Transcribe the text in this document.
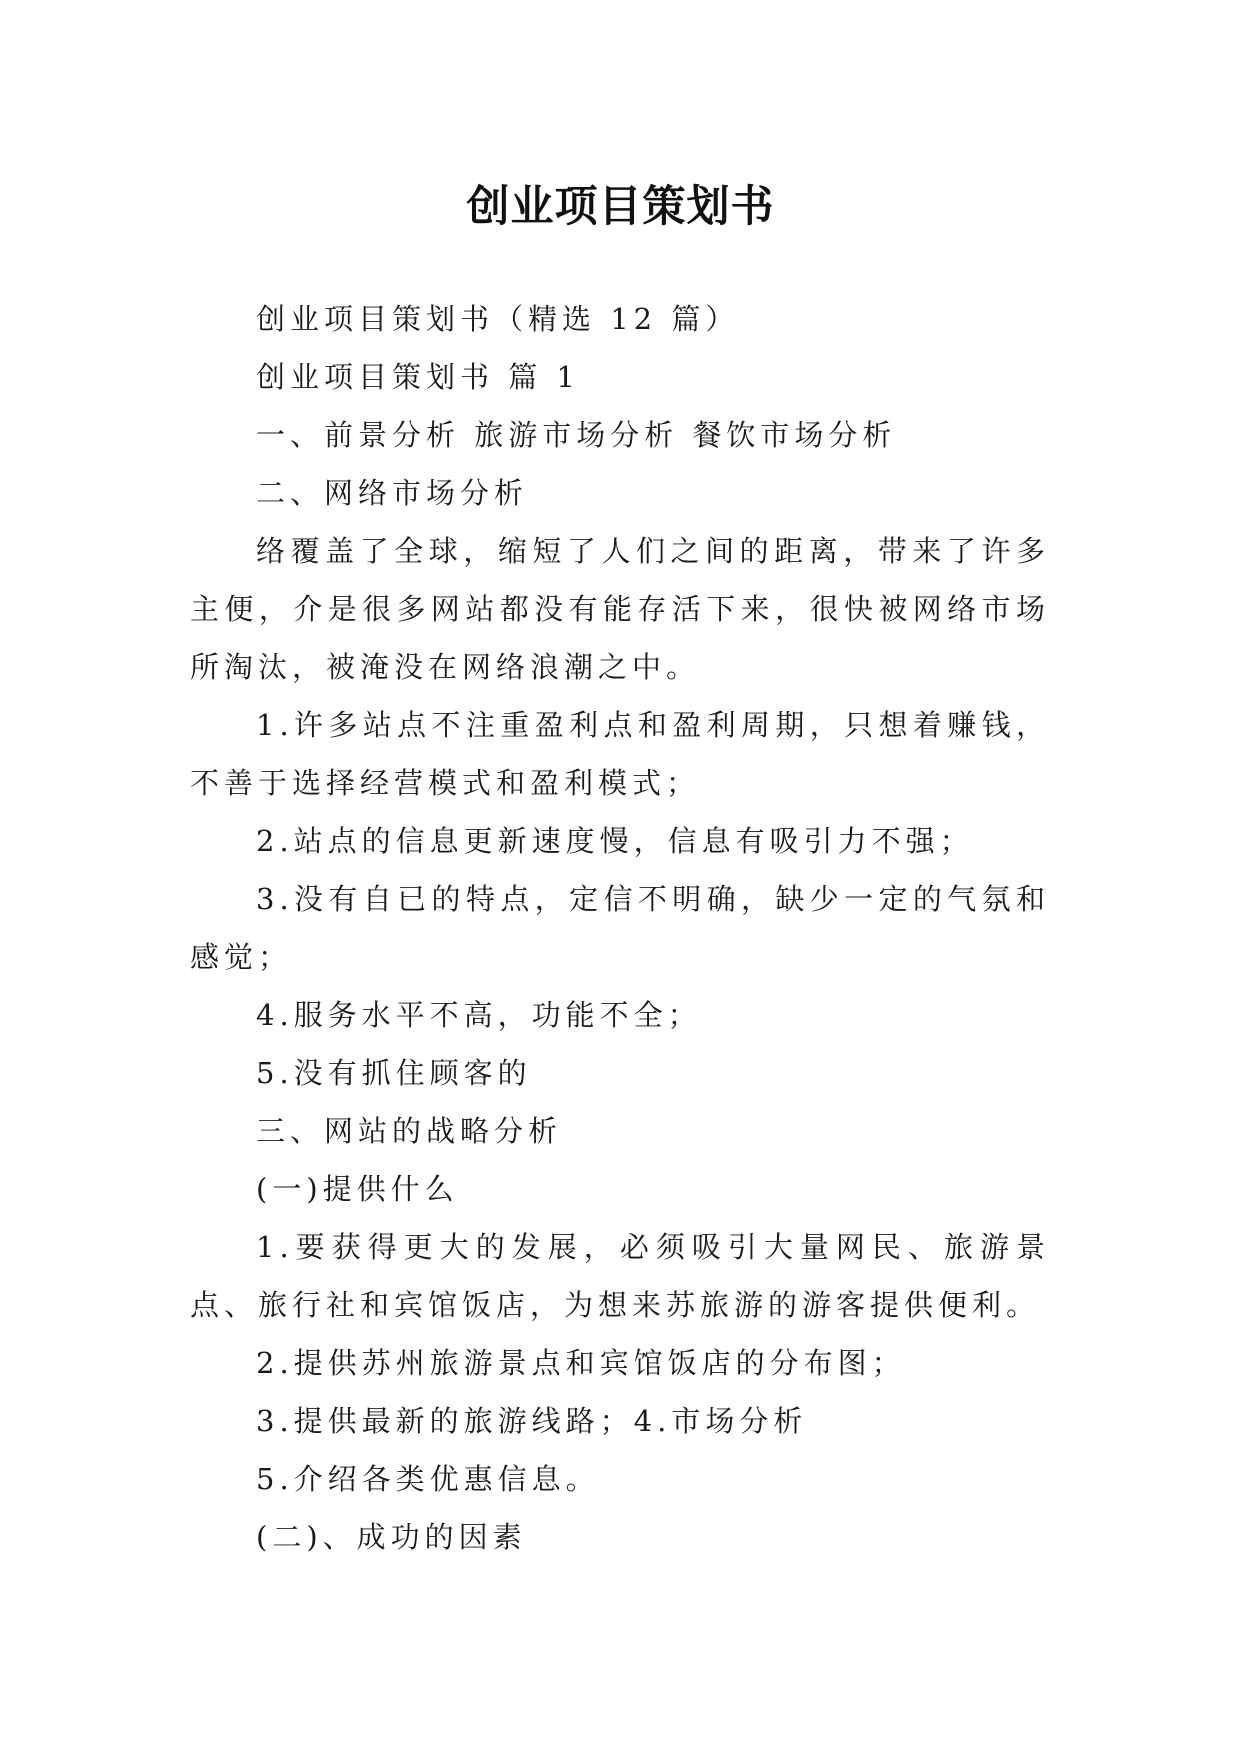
创业项目策划书

创业项目策划书（精选 12 篇）

创业项目策划书 篇 1

一、前景分析 旅游市场分析 餐饮市场分析

二、网络市场分析

络覆盖了全球，缩短了人们之间的距离，带来了许多主便，介是很多网站都没有能存活下来，很快被网络市场所淘汰，被淹没在网络浪潮之中。

1.许多站点不注重盈利点和盈利周期，只想着赚钱，不善于选择经营模式和盈利模式；

2.站点的信息更新速度慢，信息有吸引力不强；

3.没有自已的特点，定信不明确，缺少一定的气氛和感觉；

4.服务水平不高，功能不全；

5.没有抓住顾客的

三、网站的战略分析

(一)提供什么

1.要获得更大的发展，必须吸引大量网民、旅游景点、旅行社和宾馆饭店，为想来苏旅游的游客提供便利。

2.提供苏州旅游景点和宾馆饭店的分布图；

3.提供最新的旅游线路；4.市场分析

5.介绍各类优惠信息。

(二)、成功的因素
